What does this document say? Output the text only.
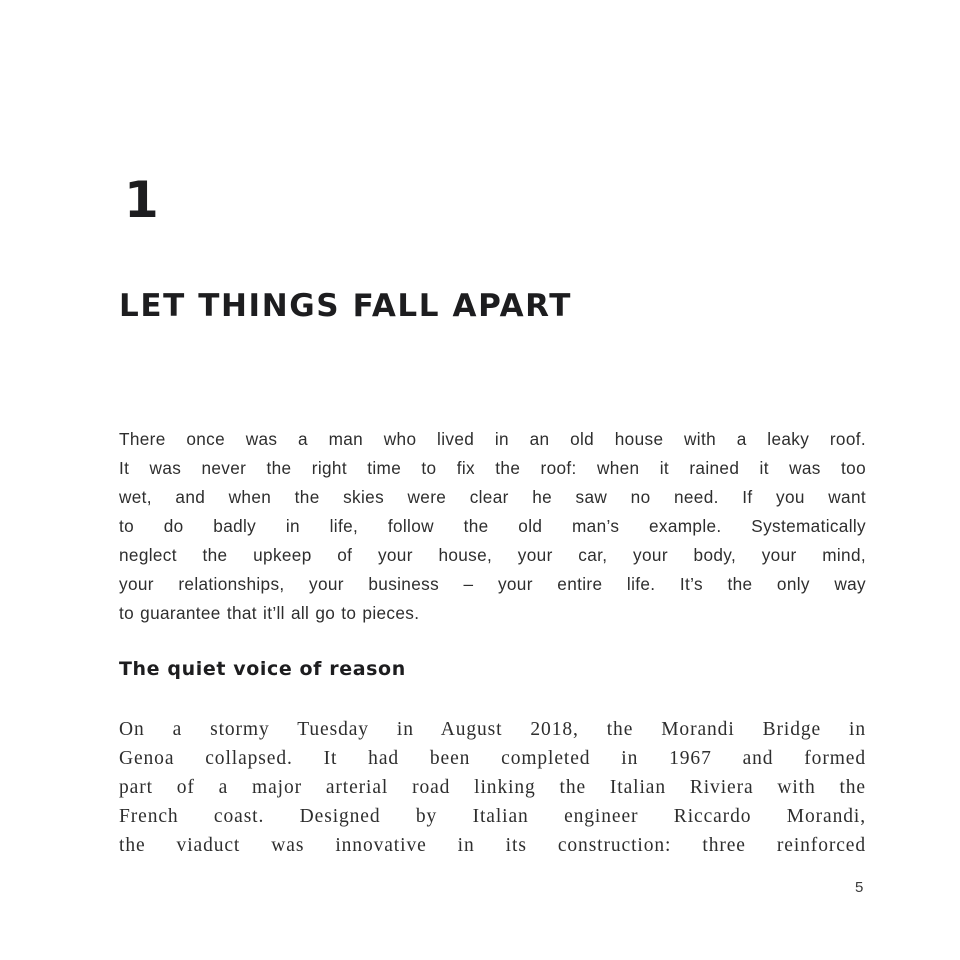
1
LET THINGS FALL APART
There once was a man who lived in an old house with a leaky roof.
It was never the right time to fix the roof: when it rained it was too
wet, and when the skies were clear he saw no need. If you want
to do badly in life, follow the old man’s example. Systematically
neglect the upkeep of your house, your car, your body, your mind,
your relationships, your business – your entire life. It’s the only way
to guarantee that it’ll all go to pieces.
The quiet voice of reason
On a stormy Tuesday in August 2018, the Morandi Bridge in
Genoa collapsed. It had been completed in 1967 and formed
part of a major arterial road linking the Italian Riviera with the
French coast. Designed by Italian engineer Riccardo Morandi,
the viaduct was innovative in its construction: three reinforced
5
